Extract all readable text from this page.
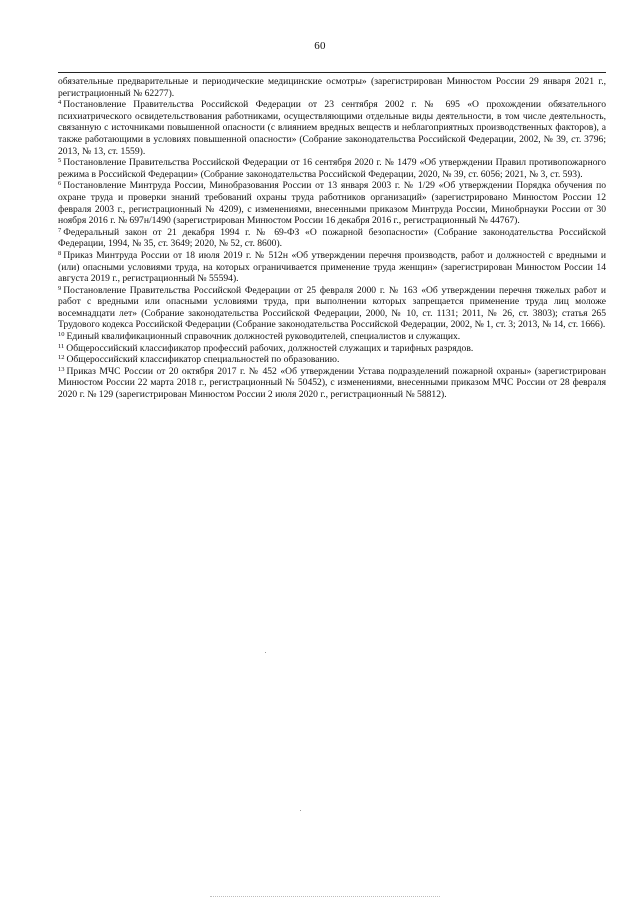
60

обязательные предварительные и периодические медицинские осмотры» (зарегистрирован Минюстом России 29 января 2021 г., регистрационный № 62277).

$^4$ Постановление Правительства Российской Федерации от 23 сентября 2002 г. № 695 «О прохождении обязательного психиатрического освидетельствования работниками, осуществляющими отдельные виды деятельности, в том числе деятельность, связанную с источниками повышенной опасности (с влиянием вредных веществ и неблагоприятных производственных факторов), а также работающими в условиях повышенной опасности» (Собрание законодательства Российской Федерации, 2002, № 39, ст. 3796; 2013, № 13, ст. 1559).

$^5$ Постановление Правительства Российской Федерации от 16 сентября 2020 г. № 1479 «Об утверждении Правил противопожарного режима в Российской Федерации» (Собрание законодательства Российской Федерации, 2020, № 39, ст. 6056; 2021, № 3, ст. 593).

$^6$ Постановление Минтруда России, Минобразования России от 13 января 2003 г. № 1/29 «Об утверждении Порядка обучения по охране труда и проверки знаний требований охраны труда работников организаций» (зарегистрировано Минюстом России 12 февраля 2003 г., регистрационный № 4209), с изменениями, внесенными приказом Минтруда России, Минобрнауки России от 30 ноября 2016 г. № 697н/1490 (зарегистрирован Минюстом России 16 декабря 2016 г., регистрационный № 44767).

$^7$ Федеральный закон от 21 декабря 1994 г. № 69-ФЗ «О пожарной безопасности» (Собрание законодательства Российской Федерации, 1994, № 35, ст. 3649; 2020, № 52, ст. 8600).

$^8$ Приказ Минтруда России от 18 июля 2019 г. № 512н «Об утверждении перечня производств, работ и должностей с вредными и (или) опасными условиями труда, на которых ограничивается применение труда женщин» (зарегистрирован Минюстом России 14 августа 2019 г., регистрационный № 55594).

$^9$ Постановление Правительства Российской Федерации от 25 февраля 2000 г. № 163 «Об утверждении перечня тяжелых работ и работ с вредными или опасными условиями труда, при выполнении которых запрещается применение труда лиц моложе восемнадцати лет» (Собрание законодательства Российской Федерации, 2000, № 10, ст. 1131; 2011, № 26, ст. 3803); статья 265 Трудового кодекса Российской Федерации (Собрание законодательства Российской Федерации, 2002, № 1, ст. 3; 2013, № 14, ст. 1666).

$^{10}$ Единый квалификационный справочник должностей руководителей, специалистов и служащих.

$^{11}$ Общероссийский классификатор профессий рабочих, должностей служащих и тарифных разрядов.

$^{12}$ Общероссийский классификатор специальностей по образованию.

$^{13}$ Приказ МЧС России от 20 октября 2017 г. № 452 «Об утверждении Устава подразделений пожарной охраны» (зарегистрирован Минюстом России 22 марта 2018 г., регистрационный № 50452), с изменениями, внесенными приказом МЧС России от 28 февраля 2020 г. № 129 (зарегистрирован Минюстом России 2 июля 2020 г., регистрационный № 58812).
